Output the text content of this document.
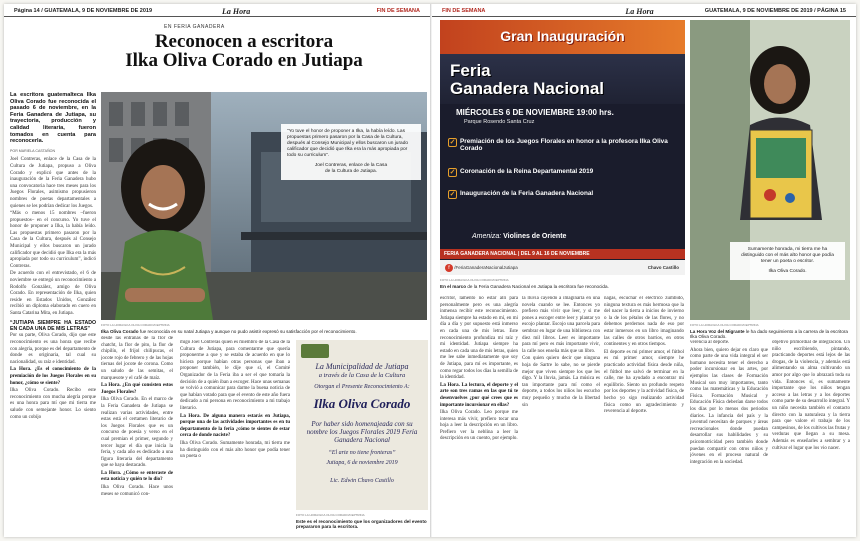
Página 14 / GUATEMALA, 9 DE NOVIEMBRE DE 2019	La Hora	FIN DE SEMANA
EN FERIA GANADERA
Reconocen a escritora
Ilka Oliva Corado en Jutiapa

La escritora guatemalteca Ilka Oliva Corado fue reconocida el pasado 6 de noviembre, en la Feria Ganadera de Jutiapa, su trayectoria, producción y calidad literaria, fueron tomados en cuenta para reconocerla.

POR MARIELA CASTAÑON

Joel Contreras, enlace de la Casa de la Cultura de Jutiapa, propuso a Oliva Corado y explicó que antes de la inauguración de la Feria Ganadera hubo una convocatoria hace tres meses para los Juegos Florales, asimismo propusieron nombres de poetas departamentales a quienes se les podrían dedicar los Juegos.

“Más o menos 15 nombres –fueron propuestos– en el concurso. Yo tuve el honor de proponer a Ilka, la había leído. Las propuestas primero pasaron por la Casa de la Cultura, después al Consejo Municipal y ellos buscaron un jurado calificador que decidió que Ilka era la más apropiada por todo su curriculum”, indicó Contreras.

De acuerdo con el entrevistado, el 6 de noviembre se entregó un reconocimiento a Rodolfo González, amigo de Oliva Corado. En representación de Ilka, quien reside en Estados Unidos, González recibió un diploma elaborado en cuero en Santa Catarina Mita, en Jutiapa.

“JUTIAPA SIEMPRE HA ESTADO EN CADA UNA DE MIS LETRAS”

Por su parte, Oliva Corado, dijo que este reconocimiento es una honra que recibe con alegría, porque es del departamento de donde es originaria, tal cual su nacionalidad, su raíz e identidad.

La Hora. ¿Es el conocimiento de la premiación de los Juegos Florales en su honor, ¿cómo se siente?

Ilka Oliva Corado. Recibo este reconocimiento con mucha alegría porque es una honra para mí que mi tierra me salude con semejante honor. Lo siento como un cobijo

“Yo tuve el honor de proponer a Ilka, la había leído. Las propuestas primero pasaron por la Casa de la Cultura, después al Consejo Municipal y ellos buscaron un jurado calificador que decidió que Ilka era la más apropiada por todo su curriculum”.
Joel Contreras, enlace de la Casa
de la Cultura de Jutiapa.
FOTO LA HORA/ILKA OLIVA CORADO/CEPTRINA
Ilka Oliva Corado fue reconocida en su natal Jutiapa y aunque no pudo asistir expresó su satisfacción por el reconocimiento.

desde las entrañas de la flor de chatcht, la flor de pito, la flor de chipilín, el frijol chilipucas, el jocote rojo de febrero y de las hojas tiernas del jocote de corona. Como un saludo de las semitas, el marquesote y el café de maíz.

La Hora. ¿En qué consisten estos Juegos Florales?

Ilka Oliva Corado. En el marco de la Feria Ganadera de Jutiapa se realizan varias actividades, entre estas está el certamen literario de los Juegos Florales que es un concurso de poesía y verso en el cual premian el primer, segundo y tercer lugar el día que inicia la feria, y cada año es dedicado a una figura literaria del departamento que se haya destacado.

La Hora. ¿Cómo se enteraste de esta noticia y quién te lo dio?

Ilka Oliva Corado. Hace unos meses se comunicó con-

FIN DE SEMANA	La Hora	GUATEMALA, 9 DE NOVIEMBRE DE 2019 / PÁGINA 15
Gran Inauguración
Feria
Ganadera Nacional
MIÉRCOLES 6 DE NOVIEMBRE 19:00 hrs.
Parque Rosendo Santa Cruz
✓ Premiación de los Juegos Florales en honor a la profesora Ilka Oliva Corado
✓ Coronación de la Reina Departamental 2019
✓ Inauguración de la Feria Ganadera Nacional
Ameniza: Violines de Oriente
FERIA GANADERA NACIONAL | DEL 9 AL 16 DE NOVIEMBRE
f /FeriaGanaderaNacionalJutiapa	Chavo Castillo
FOTO LA HORA/ILKA OLIVA CORADO/CEPTRINA
En el marco de la Feria Ganadera Nacional en Jutiapa la escritora fue reconocida.
Sumamente honrada, mi tierra me ha distinguido con el más alto honor que podía tener un poeta o escritor.
Ilka Oliva Corado.
FOTO LA HORA/ILKA OLIVA CORADO/CEPTRINA
La Hora Voz del Migrante le ha dado seguimiento a la carrera de la escritora Ilka Oliva Corado.

escritor, lamento no estar allí para personalmente pero es una alegría inmensa recibir este reconocimiento. Jutiapa siempre ha estado en mí, en mi día a día y por supuesto está inmerso en cada una de mis letras. Este reconocimiento profundiza mi raíz y mi identidad. Jutiapa siempre ha estado en cada una de mis letras, quien me lee sabe inmediatamente que soy de Jutiapa, para mí es importante, es como regar todos los días la semilla de la identidad.

La Hora. La lectura, el deporte y el arte son tres ramas en las que tú te desenvuelves ¿por qué crees que es importante incursionar en ellas?

Ilka Oliva Corado. Leo porque me interesa más vivir, prefiero tocar una hoja a leer la descripción en un libro. Prefiero ver la neblina a leer la descripción en un cuento, por ejemplo.

la lluvia cayendo a imaginarla en una novela cuando se lee. Entonces yo prefiero más vivir que leer, y si me pones a escoger entre leer y plantar yo escojo plantar. Escojo una parcela para sembrar en lugar de una biblioteca con diez mil libros. Leer es importante para mí pero es más importante vivir, la calle nos enseña más que un libro.

Con quien quiero decir que ninguna hoja de Sartre lo sabe, no se pierde mejor que viven siempre los que les digo. Y la lluvia, jamás. La música es tan importante para mí como el deporte, a todos los niños los escucho muy pequeño y mucho de la libertad sin

nagas, escuchar el eléctrico zumbido, ninguna textura es más hermosa que la del nacer la tierra a inicios de invierno o la de los pétalos de las flores, y no debemos perdernos nada de eso por estar inmersos en un libro imaginando las calles de otros barrios, en otros continentes y en otros tiempos.

El deporte es mi primer amor, el fútbol es mi primer amor, siempre he practicado actividad física desde niña, el fútbol me salvó de terminar en la calle, me ha ayudado a encontrar mi equilibrio. Siento un profundo respeto por los deportes y la actividad física, de hecho yo sigo realizando actividad física como un agradecimiento y reverencia al deporte.

verencia al deporte.

Ahora bien, quiero dejar en claro que como parte de una vida integral el ser humano necesita tener el derecho a poder incursionar en las artes, por ejemplos las clases de Formación Musical son muy importantes, tanto como las matemáticas y la Educación Física. Formación Musical y Educación Física deberían darse todos los días por lo menos dos periodos diarios. La infancia del país y la juventud necesitan de parques y áreas recreacionales donde puedan desarrollar sus habilidades y su psicomotricidad pero también donde puedan compartir con otros niños y jóvenes en el proceso natural de integración en la sociedad.

objetivo primordial de integración. Un niño escribiendo, pintando, practicando deportes está lejos de las drogas, de la violencia, y además está alimentando su alma cultivando un amor por algo que lo abrazará toda su vida. Entonces sí, es sumamente importante que los niños tengan acceso a las letras y a los deportes como parte de su desarrollo integral. Y un niño necesita también el contacto directo con la naturaleza y la tierra para que valore el trabajo de los campesinos, de los cultivos las frutas y verduras que llegan a su mesa. Además es enseñarles a sembrar y a cultivar el lugar que los vio nacer.

migo Joel Contreras quien es miembro de la Casa de la Cultura de Jutiapa, para comentarme que quería proponerme a que y se estaba de acuerdo en que lo hiciera porque habían otras personas que iban a proponer también, le dije que sí, el Comité Organizador de la Feria iba a ser el que tomaría la decisión de a quién iban a escoger. Hace unas semanas se volvió a comunicar para darme la buena noticia de que habían votado para que el evento de este año fuera dedicado a mi persona en reconocimiento a mi trabajo literario.

La Hora. De alguna manera estarás en Jutiapa, porque una de las actividades importantes es en tu departamento de la feria ¿cómo te sientes de estar cerca de donde naciste?

Ilka Oliva Corado. Sumamente honrada, mi tierra me ha distinguido con el más alto honor que podía tener un poeta o

La Municipalidad de Jutiapa
a través de la Casa de la Cultura
Otorgan el Presente Reconocimiento A:
Ilka Oliva Corado
Por haber sido homenajeada con su nombre los Juegos Florales 2019 Feria Ganadera Nacional
“El arte no tiene fronteras”
Jutiapa, 6 de noviembre 2019
Lic. Edwin Chavo Castillo
FOTO LA HORA/ILKA OLIVA CORADO/CEPTRINA
Este es el reconocimiento que los organizadores del evento prepararon para la escritora.
